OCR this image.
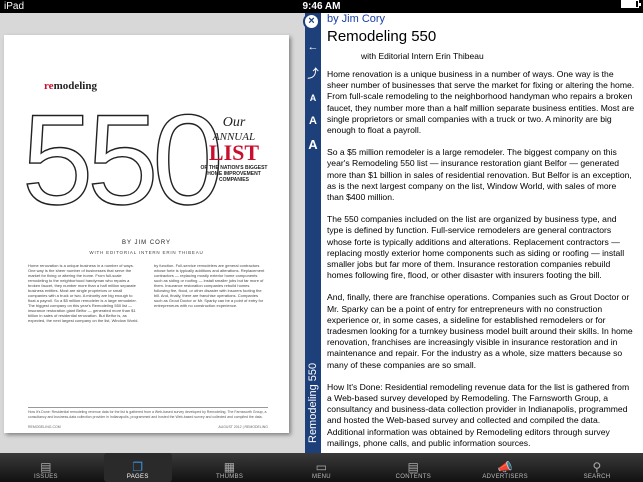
iPad	9:46 AM
remodeling
550 Our
ANNUAL
LIST
OF THE NATION'S BIGGEST HOME IMPROVEMENT COMPANIES
BY JIM CORY
WITH EDITORIAL INTERN ERIN THIBEAU
Home renovation is a unique business in a number of ways. One way is the sheer number of businesses that serve the market for fixing or altering the home. From full-scale remodeling to the neighborhood handyman who repairs a broken faucet, they number more than a half million separate business entities. Most are single proprietors or small companies with a truck or two. A minority are big enough to float a payroll. So a $5 million remodeler is a large remodeler. The biggest company on this year's Remodeling 550 list — insurance restoration giant Belfor — generated more than $1 billion in sales of residential renovation. But Belfor is, as expected, the next largest company on the list, Window World.
by function. Full-service remodelers are general contractors whose forte is typically additions and alterations. Replacement contractors — replacing mostly exterior home components such as siding or roofing — install smaller jobs but far more of them. Insurance restoration companies rebuild homes following fire, flood, or other disaster with insurers footing the bill. And, finally, there are franchise operations. Companies such as Grout Doctor or Mr. Sparky can be a point of entry for entrepreneurs with no construction experience.
How It's Done: Residential remodeling revenue data for the list is gathered from a Web-based survey developed by Remodeling. The Farnsworth Group, a consultancy and business-data collection provider in Indianapolis, programmed and hosted the Web-based survey and collected and compiled the data.
REMODELING.COM	AUGUST 2012 | REMODELING
←
⤴
A
A
A
×
Remodeling 550
by Jim Cory
Remodeling 550
with Editorial Intern Erin Thibeau

Home renovation is a unique business in a number of ways. One way is the sheer number of businesses that serve the market for fixing or altering the home. From full-scale remodeling to the neighborhood handyman who repairs a broken faucet, they number more than a half million separate business entities. Most are single proprietors or small companies with a truck or two. A minority are big enough to float a payroll.

So a $5 million remodeler is a large remodeler. The biggest company on this year's Remodeling 550 list — insurance restoration giant Belfor — generated more than $1 billion in sales of residential renovation. But Belfor is an exception, as is the next largest company on the list, Window World, with sales of more than $400 million.

The 550 companies included on the list are organized by business type, and type is defined by function. Full-service remodelers are general contractors whose forte is typically additions and alterations. Replacement contractors — replacing mostly exterior home components such as siding or roofing — install smaller jobs but far more of them. Insurance restoration companies rebuild homes following fire, flood, or other disaster with insurers footing the bill.

And, finally, there are franchise operations. Companies such as Grout Doctor or Mr. Sparky can be a point of entry for entrepreneurs with no construction experience or, in some cases, a sideline for established remodelers or for tradesmen looking for a turnkey business model built around their skills. In home renovation, franchises are increasingly visible in insurance restoration and in maintenance and repair. For the industry as a whole, size matters because so many of these companies are so small.

How It's Done: Residential remodeling revenue data for the list is gathered from a Web-based survey developed by Remodeling. The Farnsworth Group, a consultancy and business-data collection provider in Indianapolis, programmed and hosted the Web-based survey and collected and compiled the data. Additional information was obtained by Remodeling editors through survey mailings, phone calls, and public information sources.

▤
ISSUES
❐
PAGES
▦
THUMBS
▭
MENU
▤
CONTENTS
📣
ADVERTISERS
⚲
SEARCH
